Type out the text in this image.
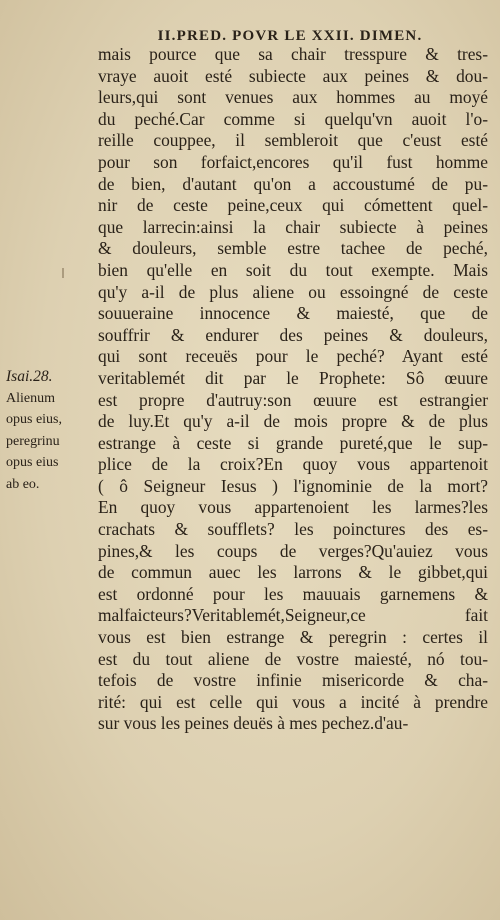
II.PRED. POVR LE XXII. DIMEN.
Isai.28.
Alienum
opus eius,
peregrinu
opus eius
ab eo.
mais pource que sa chair tresspure & tres-
vraye auoit esté subiecte aux peines & dou-
leurs,qui sont venues aux hommes au moyé
du peché.Car comme si quelqu'vn auoit l'o-
reille couppee, il sembleroit que c'eust esté
pour son forfaict,encores qu'il fust homme
de bien, d'autant qu'on a accoustumé de pu-
nir de ceste peine,ceux qui cómettent quel-
que larrecin:ainsi la chair subiecte à peines
& douleurs, semble estre tachee de peché,
bien qu'elle en soit du tout exempte. Mais
qu'y a-il de plus aliene ou essoingné de ceste
souueraine innocence & maiesté, que de
souffrir & endurer des peines & douleurs,
qui sont receuës pour le peché? Ayant esté
veritablemét dit par le Prophete: Sô œuure
est propre d'autruy:son œuure est estrangier
de luy.Et qu'y a-il de mois propre & de plus
estrange à ceste si grande pureté,que le sup-
plice de la croix?En quoy vous appartenoit
( ô Seigneur Iesus ) l'ignominie de la mort?
En quoy vous appartenoient les larmes?les
crachats & soufflets? les poinctures des es-
pines,& les coups de verges?Qu'auiez vous
de commun auec les larrons & le gibbet,qui
est ordonné pour les mauuais garnemens &
malfaicteurs?Veritablemét,Seigneur,ce fait
vous est bien estrange & peregrin : certes il
est du tout aliene de vostre maiesté, nó tou-
tefois de vostre infinie misericorde & cha-
rité: qui est celle qui vous a incité à prendre
sur vous les peines deuës à mes pechez.d'au-
